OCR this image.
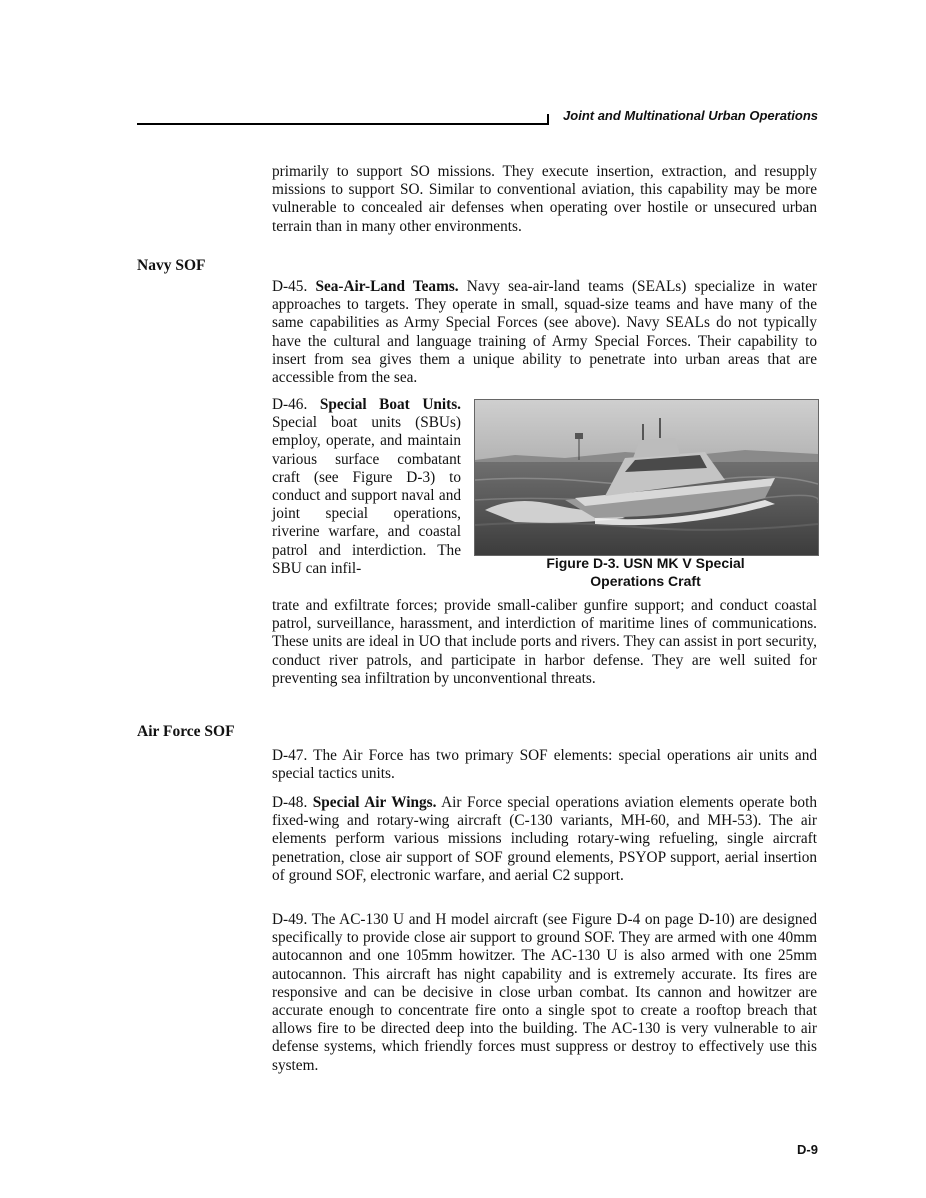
Joint and Multinational Urban Operations

primarily to support SO missions. They execute insertion, extraction, and resupply missions to support SO. Similar to conventional aviation, this capability may be more vulnerable to concealed air defenses when operating over hostile or unsecured urban terrain than in many other environments.

Navy SOF

D-45. Sea-Air-Land Teams. Navy sea-air-land teams (SEALs) specialize in water approaches to targets. They operate in small, squad-size teams and have many of the same capabilities as Army Special Forces (see above). Navy SEALs do not typically have the cultural and language training of Army Special Forces. Their capability to insert from sea gives them a unique ability to penetrate into urban areas that are accessible from the sea.

D-46. Special Boat Units. Special boat units (SBUs) employ, operate, and maintain various surface combatant craft (see Figure D-3) to conduct and support naval and joint special operations, riverine warfare, and coastal patrol and interdiction. The SBU can infil-	Figure D-3. USN MK V Special
Operations Craft

trate and exfiltrate forces; provide small-caliber gunfire support; and conduct coastal patrol, surveillance, harassment, and interdiction of maritime lines of communications. These units are ideal in UO that include ports and rivers. They can assist in port security, conduct river patrols, and participate in harbor defense. They are well suited for preventing sea infiltration by unconventional threats.

Air Force SOF

D-47. The Air Force has two primary SOF elements: special operations air units and special tactics units.

D-48. Special Air Wings. Air Force special operations aviation elements operate both fixed-wing and rotary-wing aircraft (C-130 variants, MH-60, and MH-53). The air elements perform various missions including rotary-wing refueling, single aircraft penetration, close air support of SOF ground elements, PSYOP support, aerial insertion of ground SOF, electronic warfare, and aerial C2 support.

D-49. The AC-130 U and H model aircraft (see Figure D-4 on page D-10) are designed specifically to provide close air support to ground SOF. They are armed with one 40mm autocannon and one 105mm howitzer. The AC-130 U is also armed with one 25mm autocannon. This aircraft has night capability and is extremely accurate. Its fires are responsive and can be decisive in close urban combat. Its cannon and howitzer are accurate enough to concentrate fire onto a single spot to create a rooftop breach that allows fire to be directed deep into the building. The AC-130 is very vulnerable to air defense systems, which friendly forces must suppress or destroy to effectively use this system.

D-9
